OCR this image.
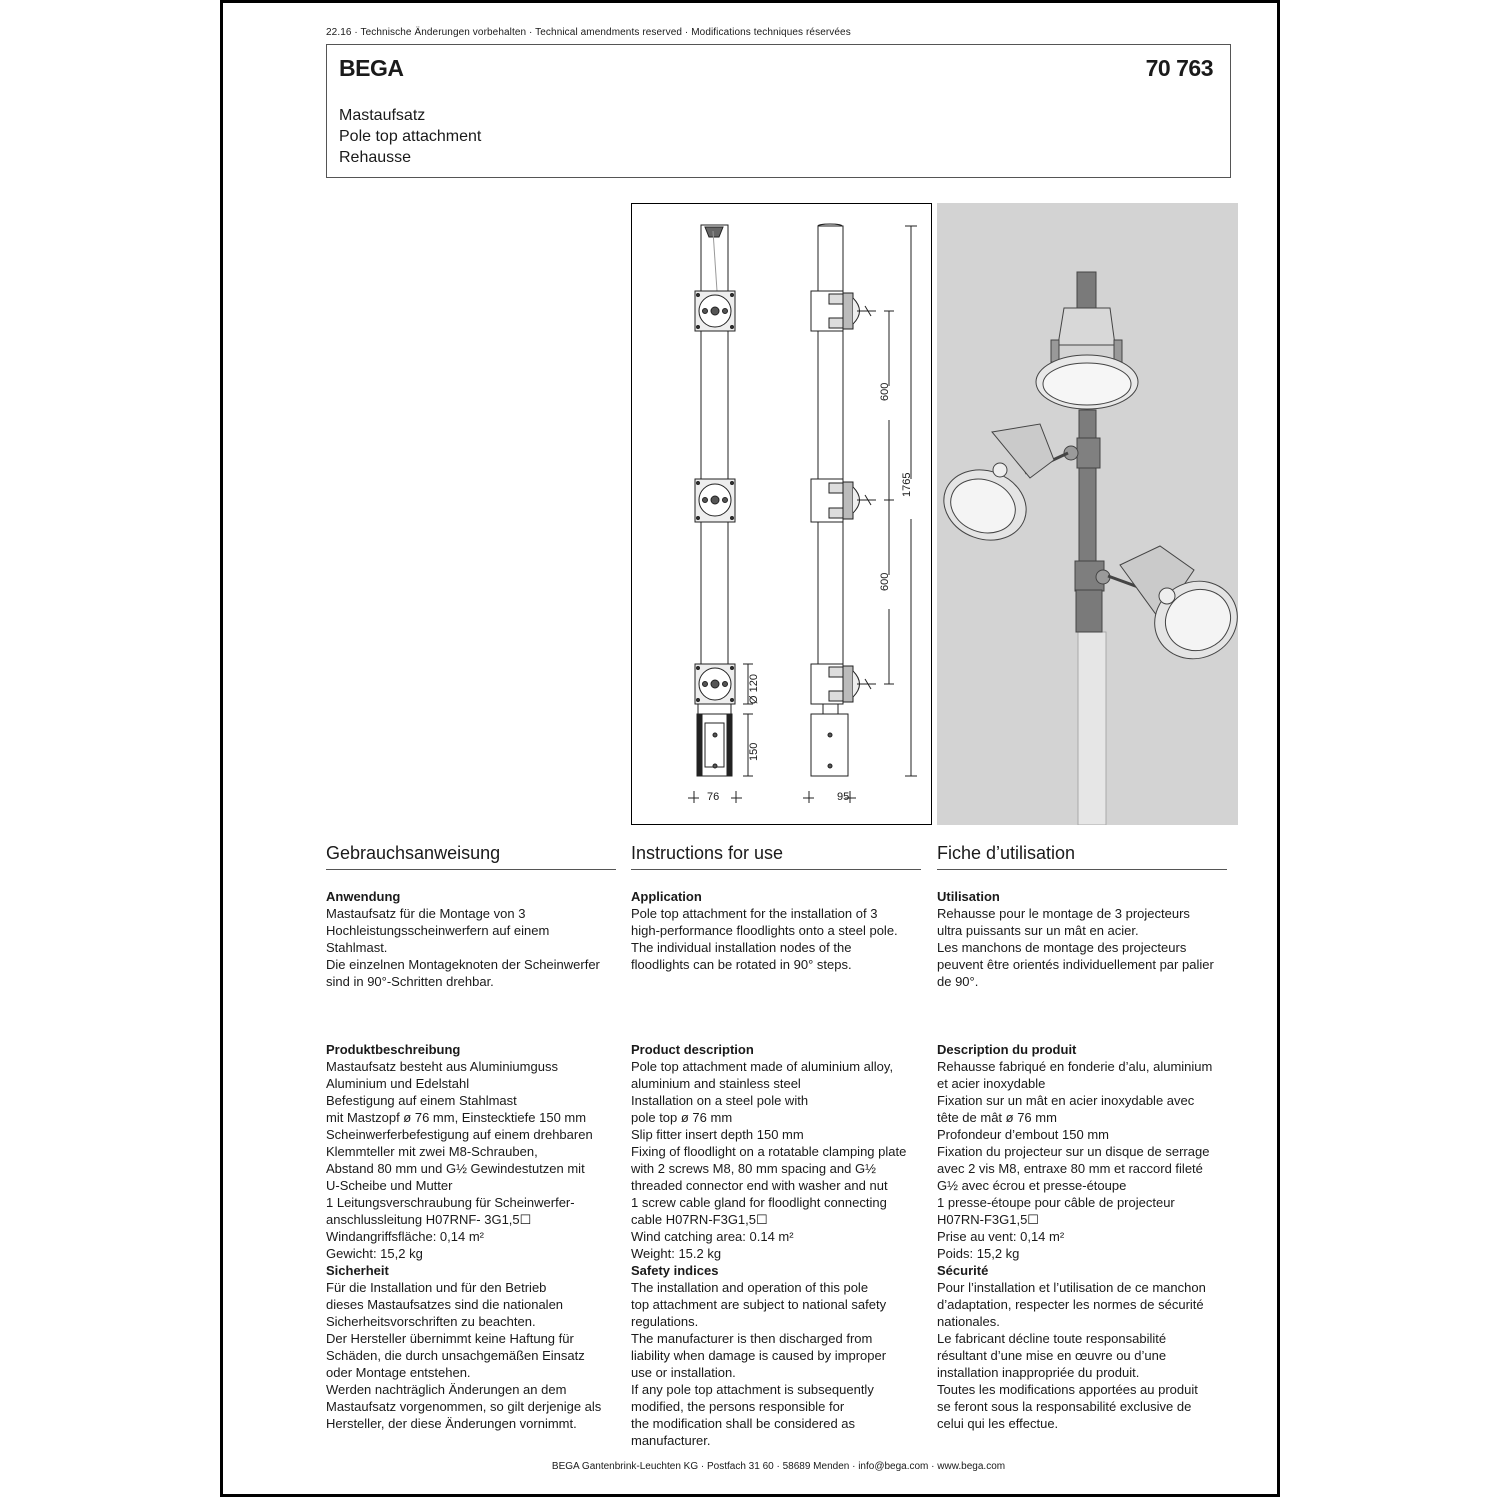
22.16 · Technische Änderungen vorbehalten · Technical amendments reserved · Modifications techniques réservées
BEGA	70 763
Mastaufsatz
Pole top attachment
Rehausse
600
600
1765
Ø 120
150
76	95
Gebrauchsanweisung
Anwendung
Mastaufsatz für die Montage von 3
Hochleistungsscheinwerfern auf einem
Stahlmast.
Die einzelnen Montageknoten der Scheinwerfer
sind in 90°-Schritten drehbar.
Produktbeschreibung
Mastaufsatz besteht aus Aluminiumguss
Aluminium und Edelstahl
Befestigung auf einem Stahlmast
mit Mastzopf ø 76 mm, Einstecktiefe 150 mm
Scheinwerferbefestigung auf einem drehbaren
Klemmteller mit zwei M8-Schrauben,
Abstand 80 mm und G½ Gewindestutzen mit
U-Scheibe und Mutter
1 Leitungsverschraubung für Scheinwerfer-
anschlussleitung H07RNF- 3G1,5☐
Windangriffsfläche: 0,14 m²
Gewicht: 15,2 kg
Sicherheit
Für die Installation und für den Betrieb
dieses Mastaufsatzes sind die nationalen
Sicherheitsvorschriften zu beachten.
Der Hersteller übernimmt keine Haftung für
Schäden, die durch unsachgemäßen Einsatz
oder Montage entstehen.
Werden nachträglich Änderungen an dem
Mastaufsatz vorgenommen, so gilt derjenige als
Hersteller, der diese Änderungen vornimmt.
Instructions for use
Application
Pole top attachment for the installation of 3
high-performance floodlights onto a steel pole.
The individual installation nodes of the
floodlights can be rotated in 90° steps.

Product description
Pole top attachment made of aluminium alloy,
aluminium and stainless steel
Installation on a steel pole with
pole top ø 76 mm
Slip fitter insert depth 150 mm
Fixing of floodlight on a rotatable clamping plate
with 2 screws M8, 80 mm spacing and G½
threaded connector end with washer and nut
1 screw cable gland for floodlight connecting
cable H07RN-F3G1,5☐
Wind catching area: 0.14 m²
Weight: 15.2 kg
Safety indices
The installation and operation of this pole
top attachment are subject to national safety
regulations.
The manufacturer is then discharged from
liability when damage is caused by improper
use or installation.
If any pole top attachment is subsequently
modified, the persons responsible for
the modification shall be considered as
manufacturer.
Fiche d’utilisation
Utilisation
Rehausse pour le montage de 3 projecteurs
ultra puissants sur un mât en acier.
Les manchons de montage des projecteurs
peuvent être orientés individuellement par palier
de 90°.
Description du produit
Rehausse fabriqué en fonderie d’alu, aluminium
et acier inoxydable
Fixation sur un mât en acier inoxydable avec
tête de mât ø 76 mm
Profondeur d’embout 150 mm
Fixation du projecteur sur un disque de serrage
avec 2 vis M8, entraxe 80 mm et raccord fileté
G½ avec écrou et presse-étoupe
1 presse-étoupe pour câble de projecteur
H07RN-F3G1,5☐
Prise au vent: 0,14 m²
Poids: 15,2 kg
Sécurité
Pour l’installation et l’utilisation de ce manchon
d’adaptation, respecter les normes de sécurité
nationales.
Le fabricant décline toute responsabilité
résultant d’une mise en œuvre ou d’une
installation inappropriée du produit.
Toutes les modifications apportées au produit
se feront sous la responsabilité exclusive de
celui qui les effectue.
BEGA Gantenbrink-Leuchten KG · Postfach 31 60 · 58689 Menden · info@bega.com · www.bega.com
